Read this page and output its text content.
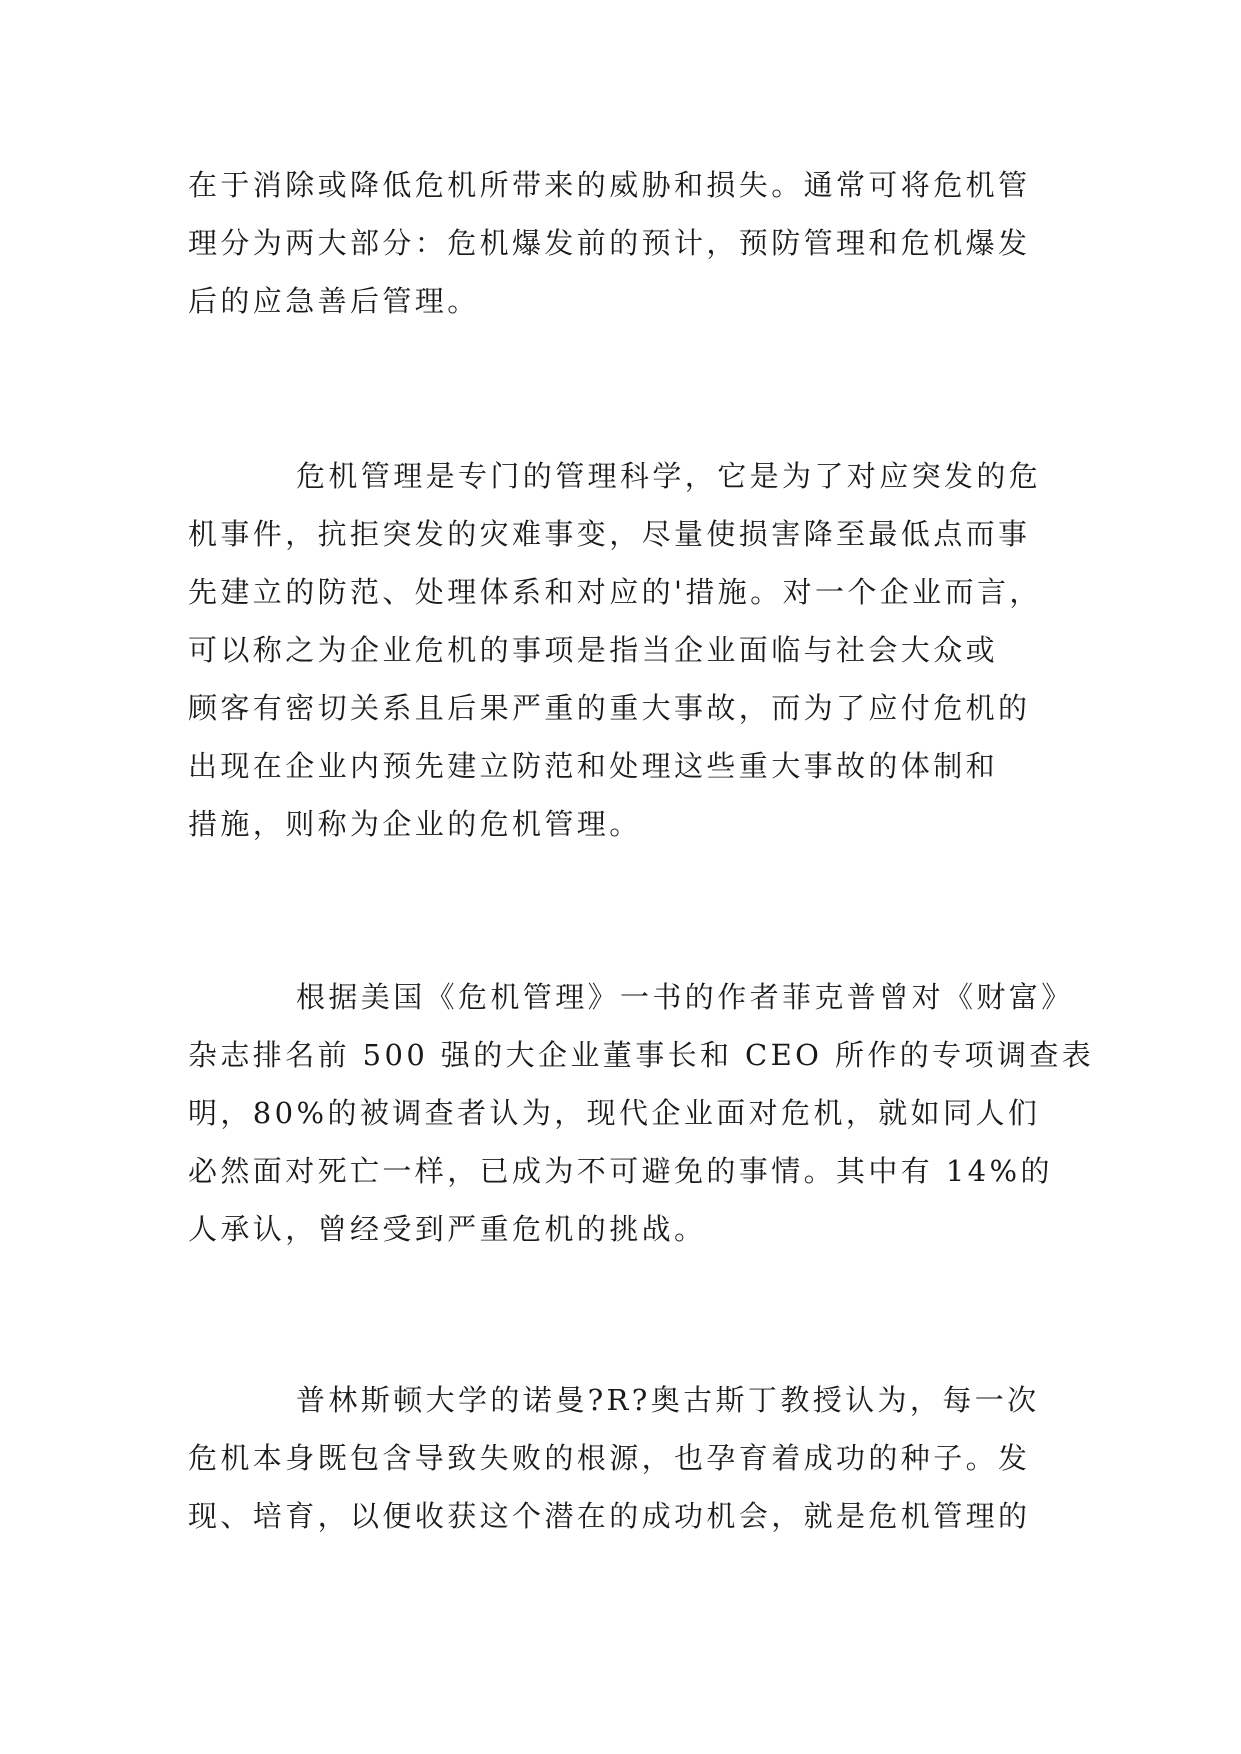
在于消除或降低危机所带来的威胁和损失。通常可将危机管
理分为两大部分：危机爆发前的预计，预防管理和危机爆发
后的应急善后管理。
危机管理是专门的管理科学，它是为了对应突发的危
机事件，抗拒突发的灾难事变，尽量使损害降至最低点而事
先建立的防范、处理体系和对应的'措施。对一个企业而言，
可以称之为企业危机的事项是指当企业面临与社会大众或
顾客有密切关系且后果严重的重大事故，而为了应付危机的
出现在企业内预先建立防范和处理这些重大事故的体制和
措施，则称为企业的危机管理。
根据美国《危机管理》一书的作者菲克普曾对《财富》
杂志排名前 500 强的大企业董事长和 CEO 所作的专项调查表
明，80%的被调查者认为，现代企业面对危机，就如同人们
必然面对死亡一样，已成为不可避免的事情。其中有 14%的
人承认，曾经受到严重危机的挑战。
普林斯顿大学的诺曼?R?奥古斯丁教授认为，每一次
危机本身既包含导致失败的根源，也孕育着成功的种子。发
现、培育，以便收获这个潜在的成功机会，就是危机管理的
